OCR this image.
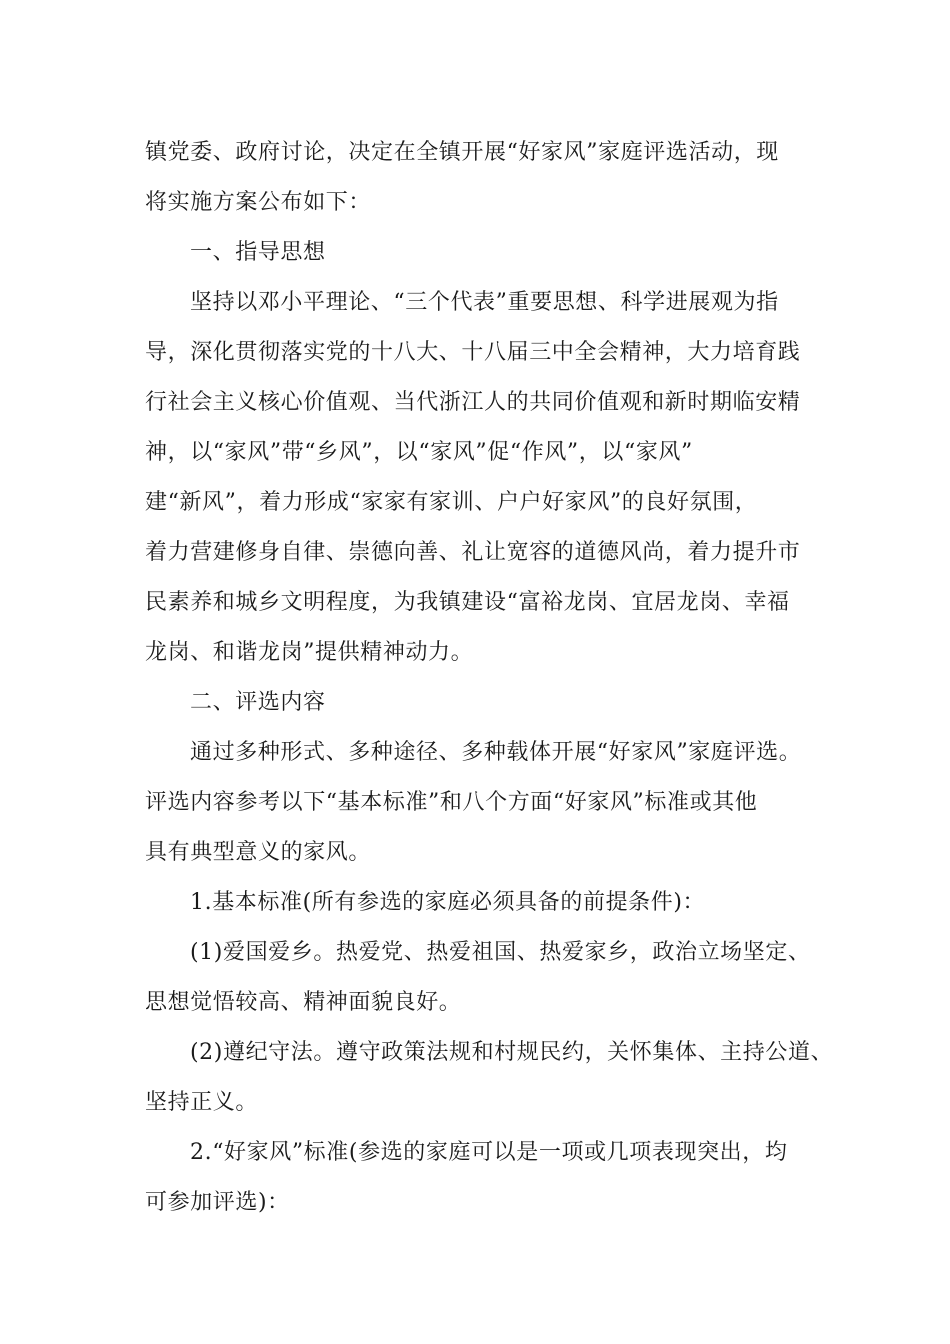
镇党委、政府讨论，决定在全镇开展“好家风”家庭评选活动，现
将实施方案公布如下：
一、指导思想
坚持以邓小平理论、“三个代表”重要思想、科学进展观为指
导，深化贯彻落实党的十八大、十八届三中全会精神，大力培育践
行社会主义核心价值观、当代浙江人的共同价值观和新时期临安精
神，以“家风”带“乡风”，以“家风”促“作风”，以“家风”
建“新风”，着力形成“家家有家训、户户好家风”的良好氛围，
着力营建修身自律、崇德向善、礼让宽容的道德风尚，着力提升市
民素养和城乡文明程度，为我镇建设“富裕龙岗、宜居龙岗、幸福
龙岗、和谐龙岗”提供精神动力。
二、评选内容
通过多种形式、多种途径、多种载体开展“好家风”家庭评选。
评选内容参考以下“基本标准”和八个方面“好家风”标准或其他
具有典型意义的家风。
1.基本标准(所有参选的家庭必须具备的前提条件)：
(1)爱国爱乡。热爱党、热爱祖国、热爱家乡，政治立场坚定、
思想觉悟较高、精神面貌良好。
(2)遵纪守法。遵守政策法规和村规民约，关怀集体、主持公道、
坚持正义。
2.“好家风”标准(参选的家庭可以是一项或几项表现突出，均
可参加评选)：
